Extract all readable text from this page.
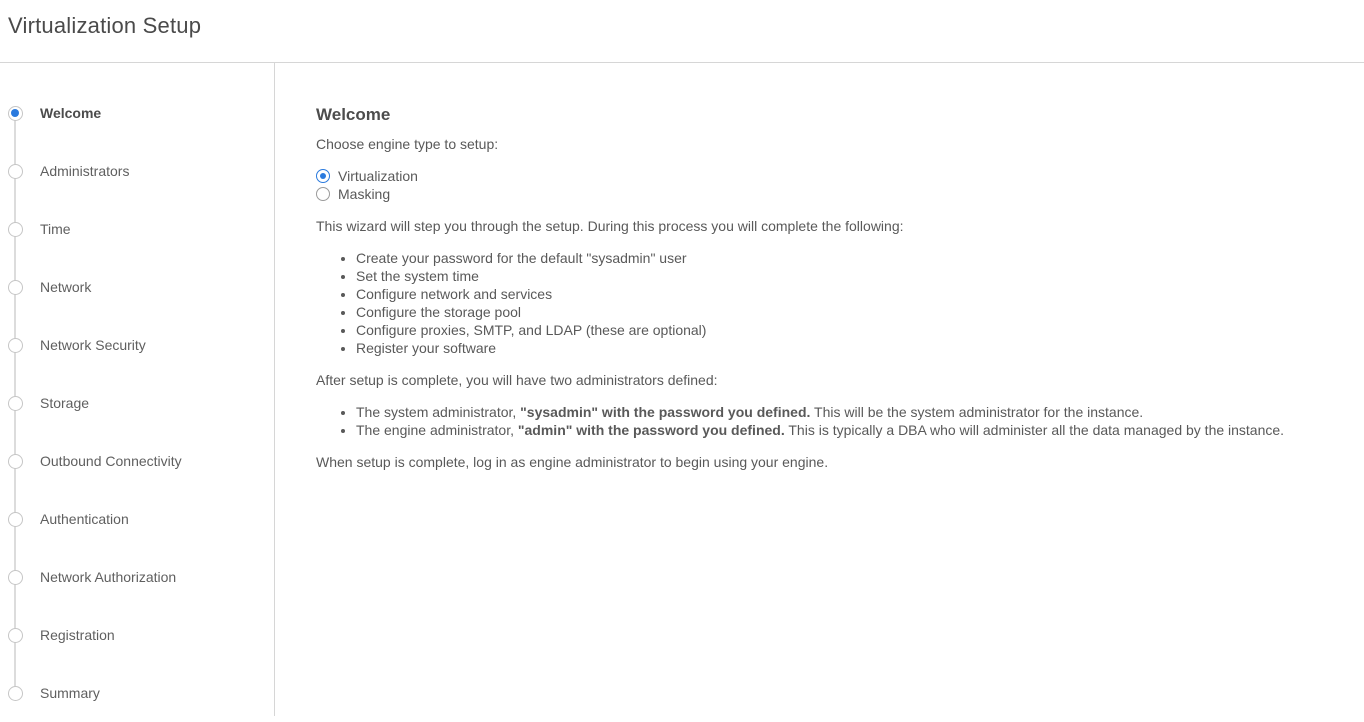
Virtualization Setup
Welcome
Administrators
Time
Network
Network Security
Storage
Outbound Connectivity
Authentication
Network Authorization
Registration
Summary
Welcome

Choose engine type to setup:

Virtualization
Masking

This wizard will step you through the setup. During this process you will complete the following:

• Create your password for the default "sysadmin" user
• Set the system time
• Configure network and services
• Configure the storage pool
• Configure proxies, SMTP, and LDAP (these are optional)
• Register your software

After setup is complete, you will have two administrators defined:

• The system administrator, "sysadmin" with the password you defined. This will be the system administrator for the instance.
• The engine administrator, "admin" with the password you defined. This is typically a DBA who will administer all the data managed by the instance.

When setup is complete, log in as engine administrator to begin using your engine.
